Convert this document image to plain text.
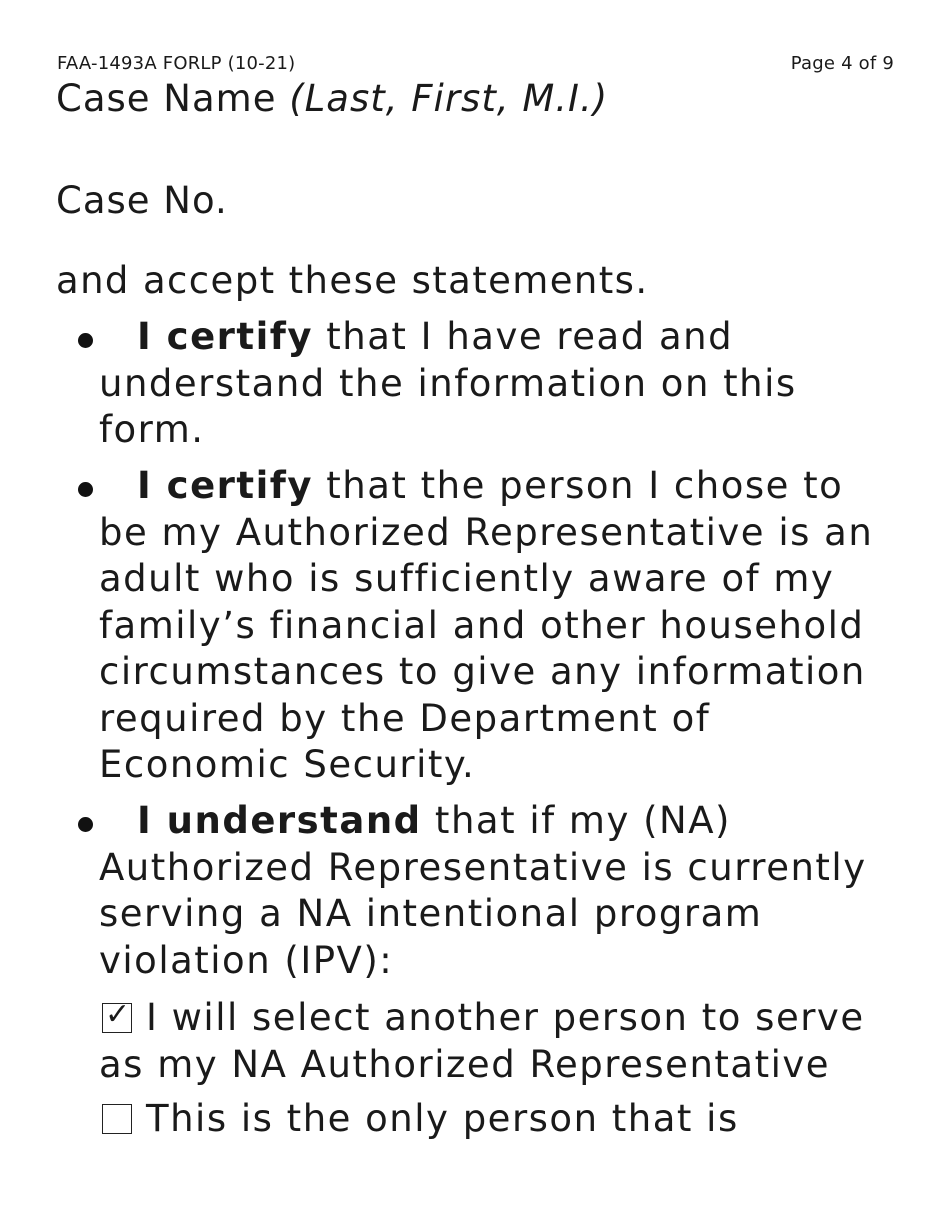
FAA-1493A FORLP (10-21)	Page 4 of 9
Case Name (Last, First, M.I.)
Case No.
and accept these statements.
I certify that I have read and understand the information on this form.
I certify that the person I chose to be my Authorized Representative is an adult who is sufficiently aware of my family’s financial and other household circumstances to give any information required by the Department of Economic Security.
I understand that if my (NA) Authorized Representative is currently serving a NA intentional program violation (IPV):
✓ I will select another person to serve as my NA Authorized Representative
This is the only person that is
